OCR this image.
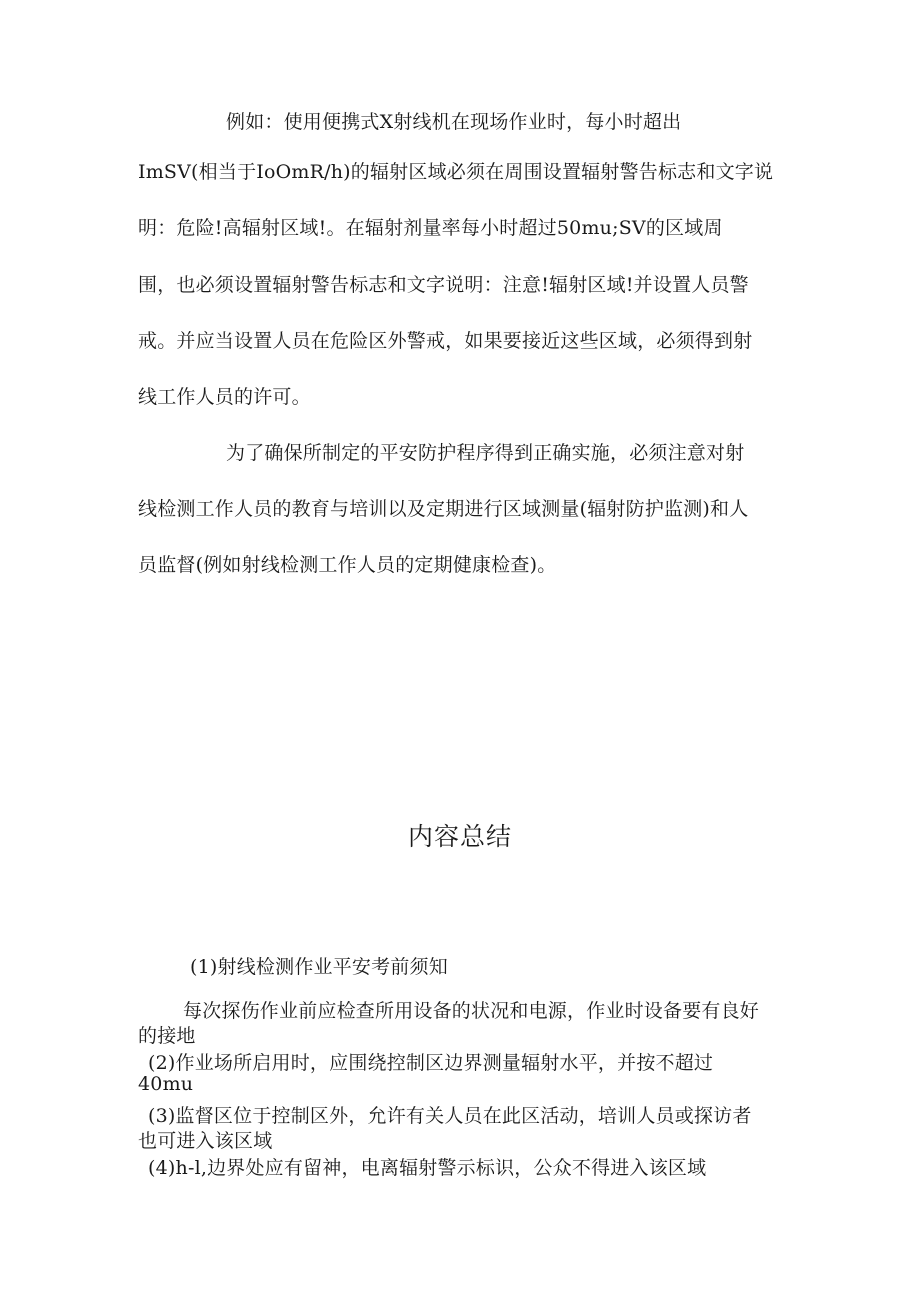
例如：使用便携式X射线机在现场作业时，每小时超出
ImSV(相当于IoOmR/h)的辐射区域必须在周围设置辐射警告标志和文字说
明：危险!高辐射区域!。在辐射剂量率每小时超过50mu;SV的区域周
围，也必须设置辐射警告标志和文字说明：注意!辐射区域!并设置人员警
戒。并应当设置人员在危险区外警戒，如果要接近这些区域，必须得到射
线工作人员的许可。
为了确保所制定的平安防护程序得到正确实施，必须注意对射
线检测工作人员的教育与培训以及定期进行区域测量(辐射防护监测)和人
员监督(例如射线检测工作人员的定期健康检查)。
内容总结
(1)射线检测作业平安考前须知
每次探伤作业前应检查所用设备的状况和电源，作业时设备要有良好
的接地
(2)作业场所启用时，应围绕控制区边界测量辐射水平，并按不超过
40mu
(3)监督区位于控制区外，允许有关人员在此区活动，培训人员或探访者
也可进入该区域
(4)h-l,边界处应有留神，电离辐射警示标识，公众不得进入该区域
